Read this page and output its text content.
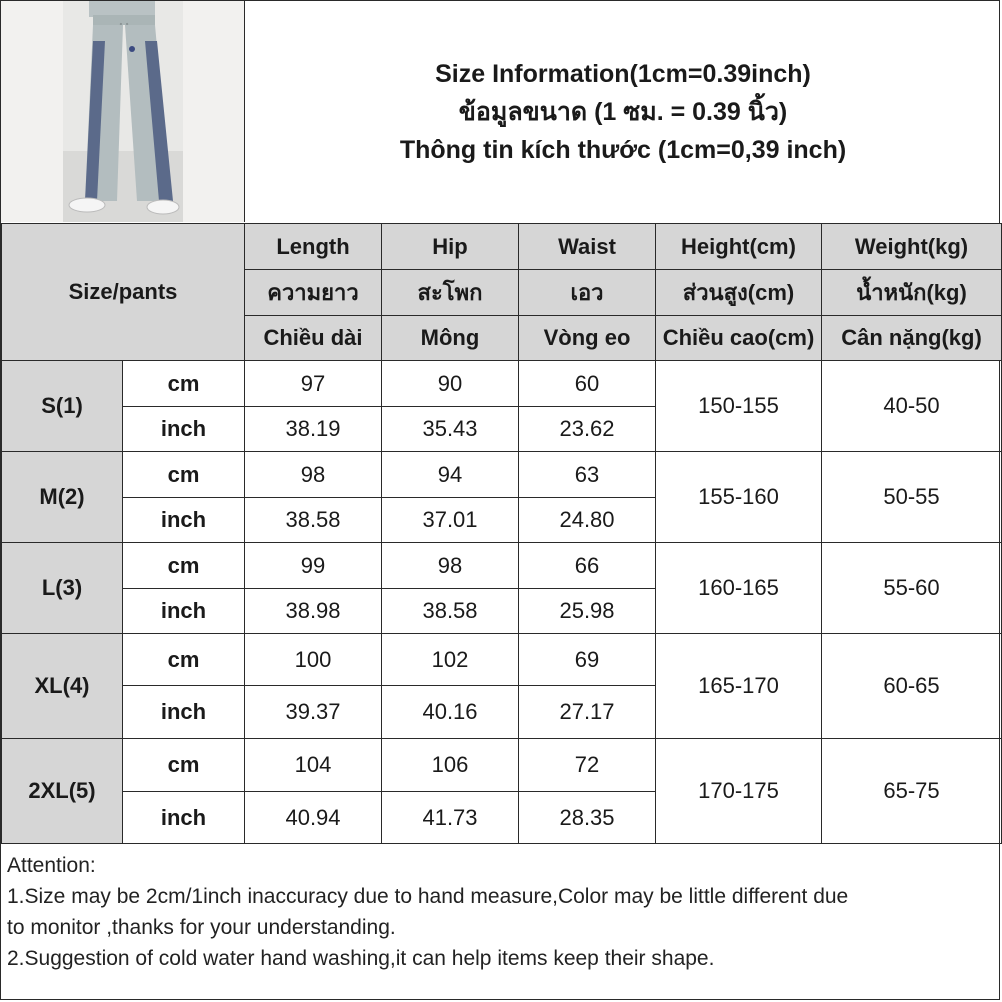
Size Information(1cm=0.39inch)
ข้อมูลขนาด (1 ซม. = 0.39 นิ้ว)
Thông tin kích thước (1cm=0,39 inch)
Size/pants		Length	Hip	Waist	Height(cm)	Weight(kg)
		ความยาว	สะโพก	เอว	ส่วนสูง(cm)	น้ำหนัก(kg)
		Chiều dài	Mông	Vòng eo	Chiều cao(cm)	Cân nặng(kg)
S(1)	cm	97	90	60	150-155	40-50
	inch	38.19	35.43	23.62		
M(2)	cm	98	94	63	155-160	50-55
	inch	38.58	37.01	24.80		
L(3)	cm	99	98	66	160-165	55-60
	inch	38.98	38.58	25.98		
XL(4)	cm	100	102	69	165-170	60-65
	inch	39.37	40.16	27.17		
2XL(5)	cm	104	106	72	170-175	65-75
	inch	40.94	41.73	28.35		
Attention:
1.Size may be 2cm/1inch inaccuracy due to hand measure,Color may be little different due
to monitor ,thanks for your understanding.
2.Suggestion of cold water hand washing,it can help items keep their shape.
